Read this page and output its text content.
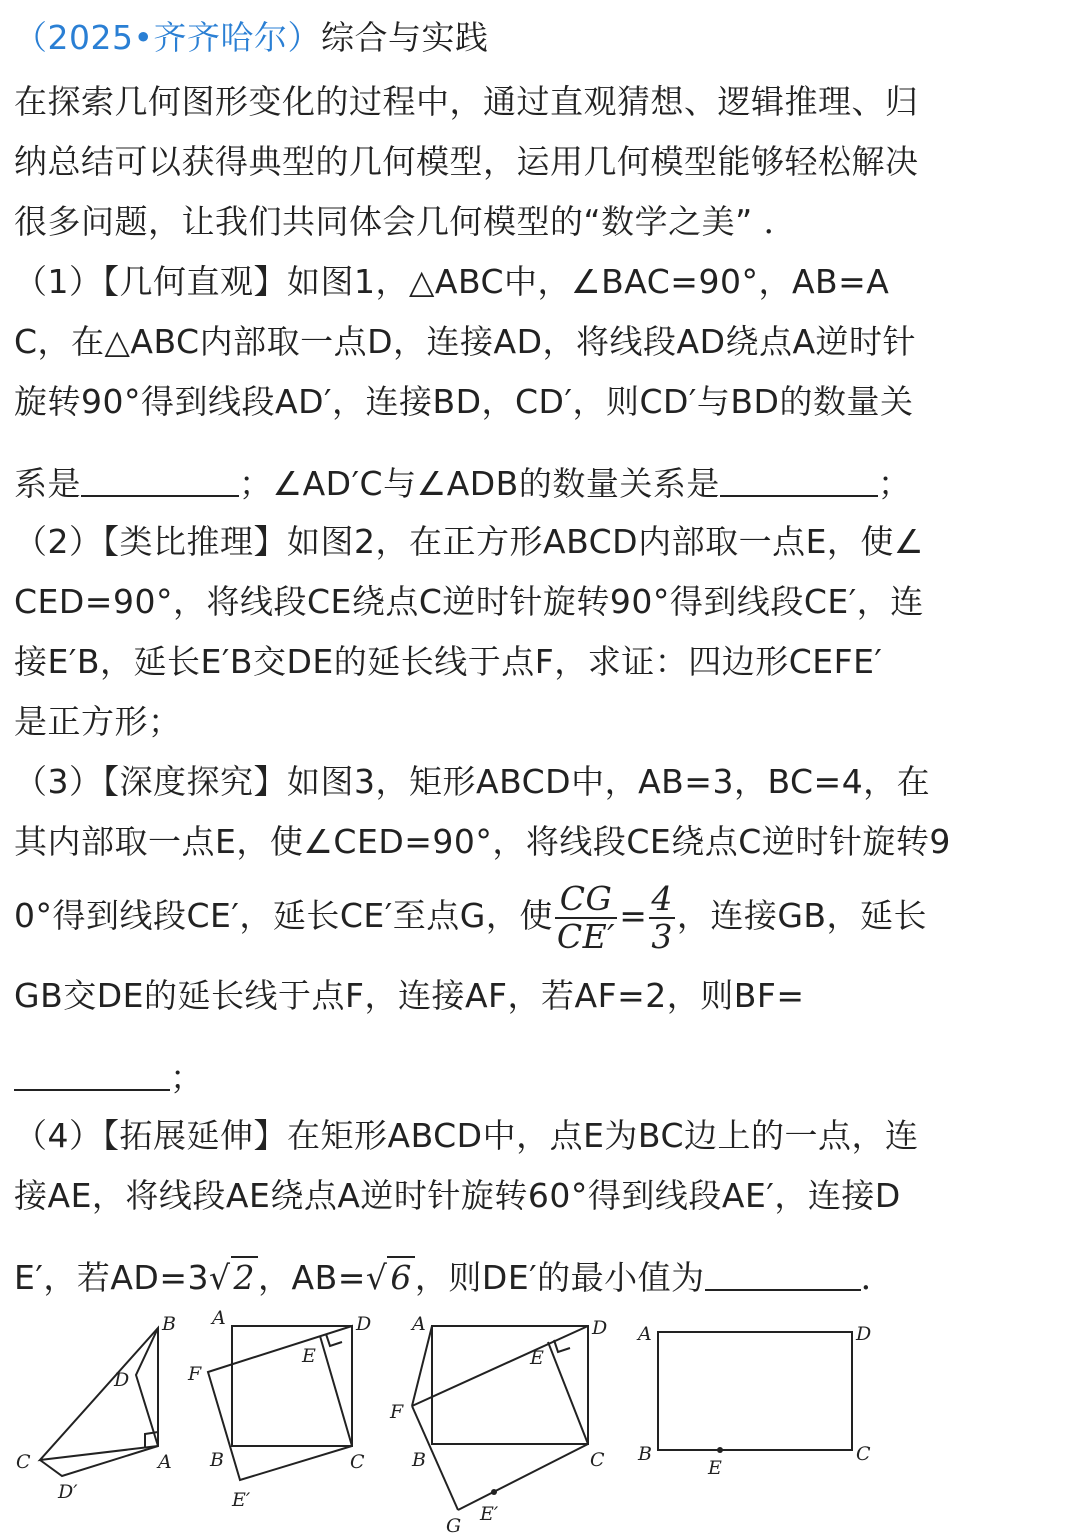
（2025•齐齐哈尔）综合与实践
在探索几何图形变化的过程中，通过直观猜想、逻辑推理、归
纳总结可以获得典型的几何模型，运用几何模型能够轻松解决
很多问题，让我们共同体会几何模型的“数学之美” ．
（1）【几何直观】如图1，△ABC中，∠BAC=90°，AB=A
C，在△ABC内部取一点D，连接AD，将线段AD绕点A逆时针
旋转90°得到线段AD′，连接BD，CD′，则CD′与BD的数量关
系是	；∠AD′C与∠ADB的数量关系是	；
（2）【类比推理】如图2，在正方形ABCD内部取一点E，使∠
CED=90°，将线段CE绕点C逆时针旋转90°得到线段CE′，连
接E′B，延长E′B交DE的延长线于点F，求证：四边形CEFE′
是正方形；
（3）【深度探究】如图3，矩形ABCD中，AB=3，BC=4，在
其内部取一点E，使∠CED=90°，将线段CE绕点C逆时针旋转9
0°得到线段CE′，延长CE′至点G，使 $\frac{CG}{CE'} = \frac{4}{3}$ ，连接GB，延长
GB交DE的延长线于点F，连接AF，若AF=2，则BF=
；
（4）【拓展延伸】在矩形ABCD中，点E为BC边上的一点，连
接AE，将线段AE绕点A逆时针旋转60°得到线段AE′，连接D
E′，若AD=3√2，AB=√6，则DE′的最小值为	．
B
D
C	A
D′
A	D
E
F
B	C
E′
A	D
E
F
B	C
G
E′
A	D
B
E
C
